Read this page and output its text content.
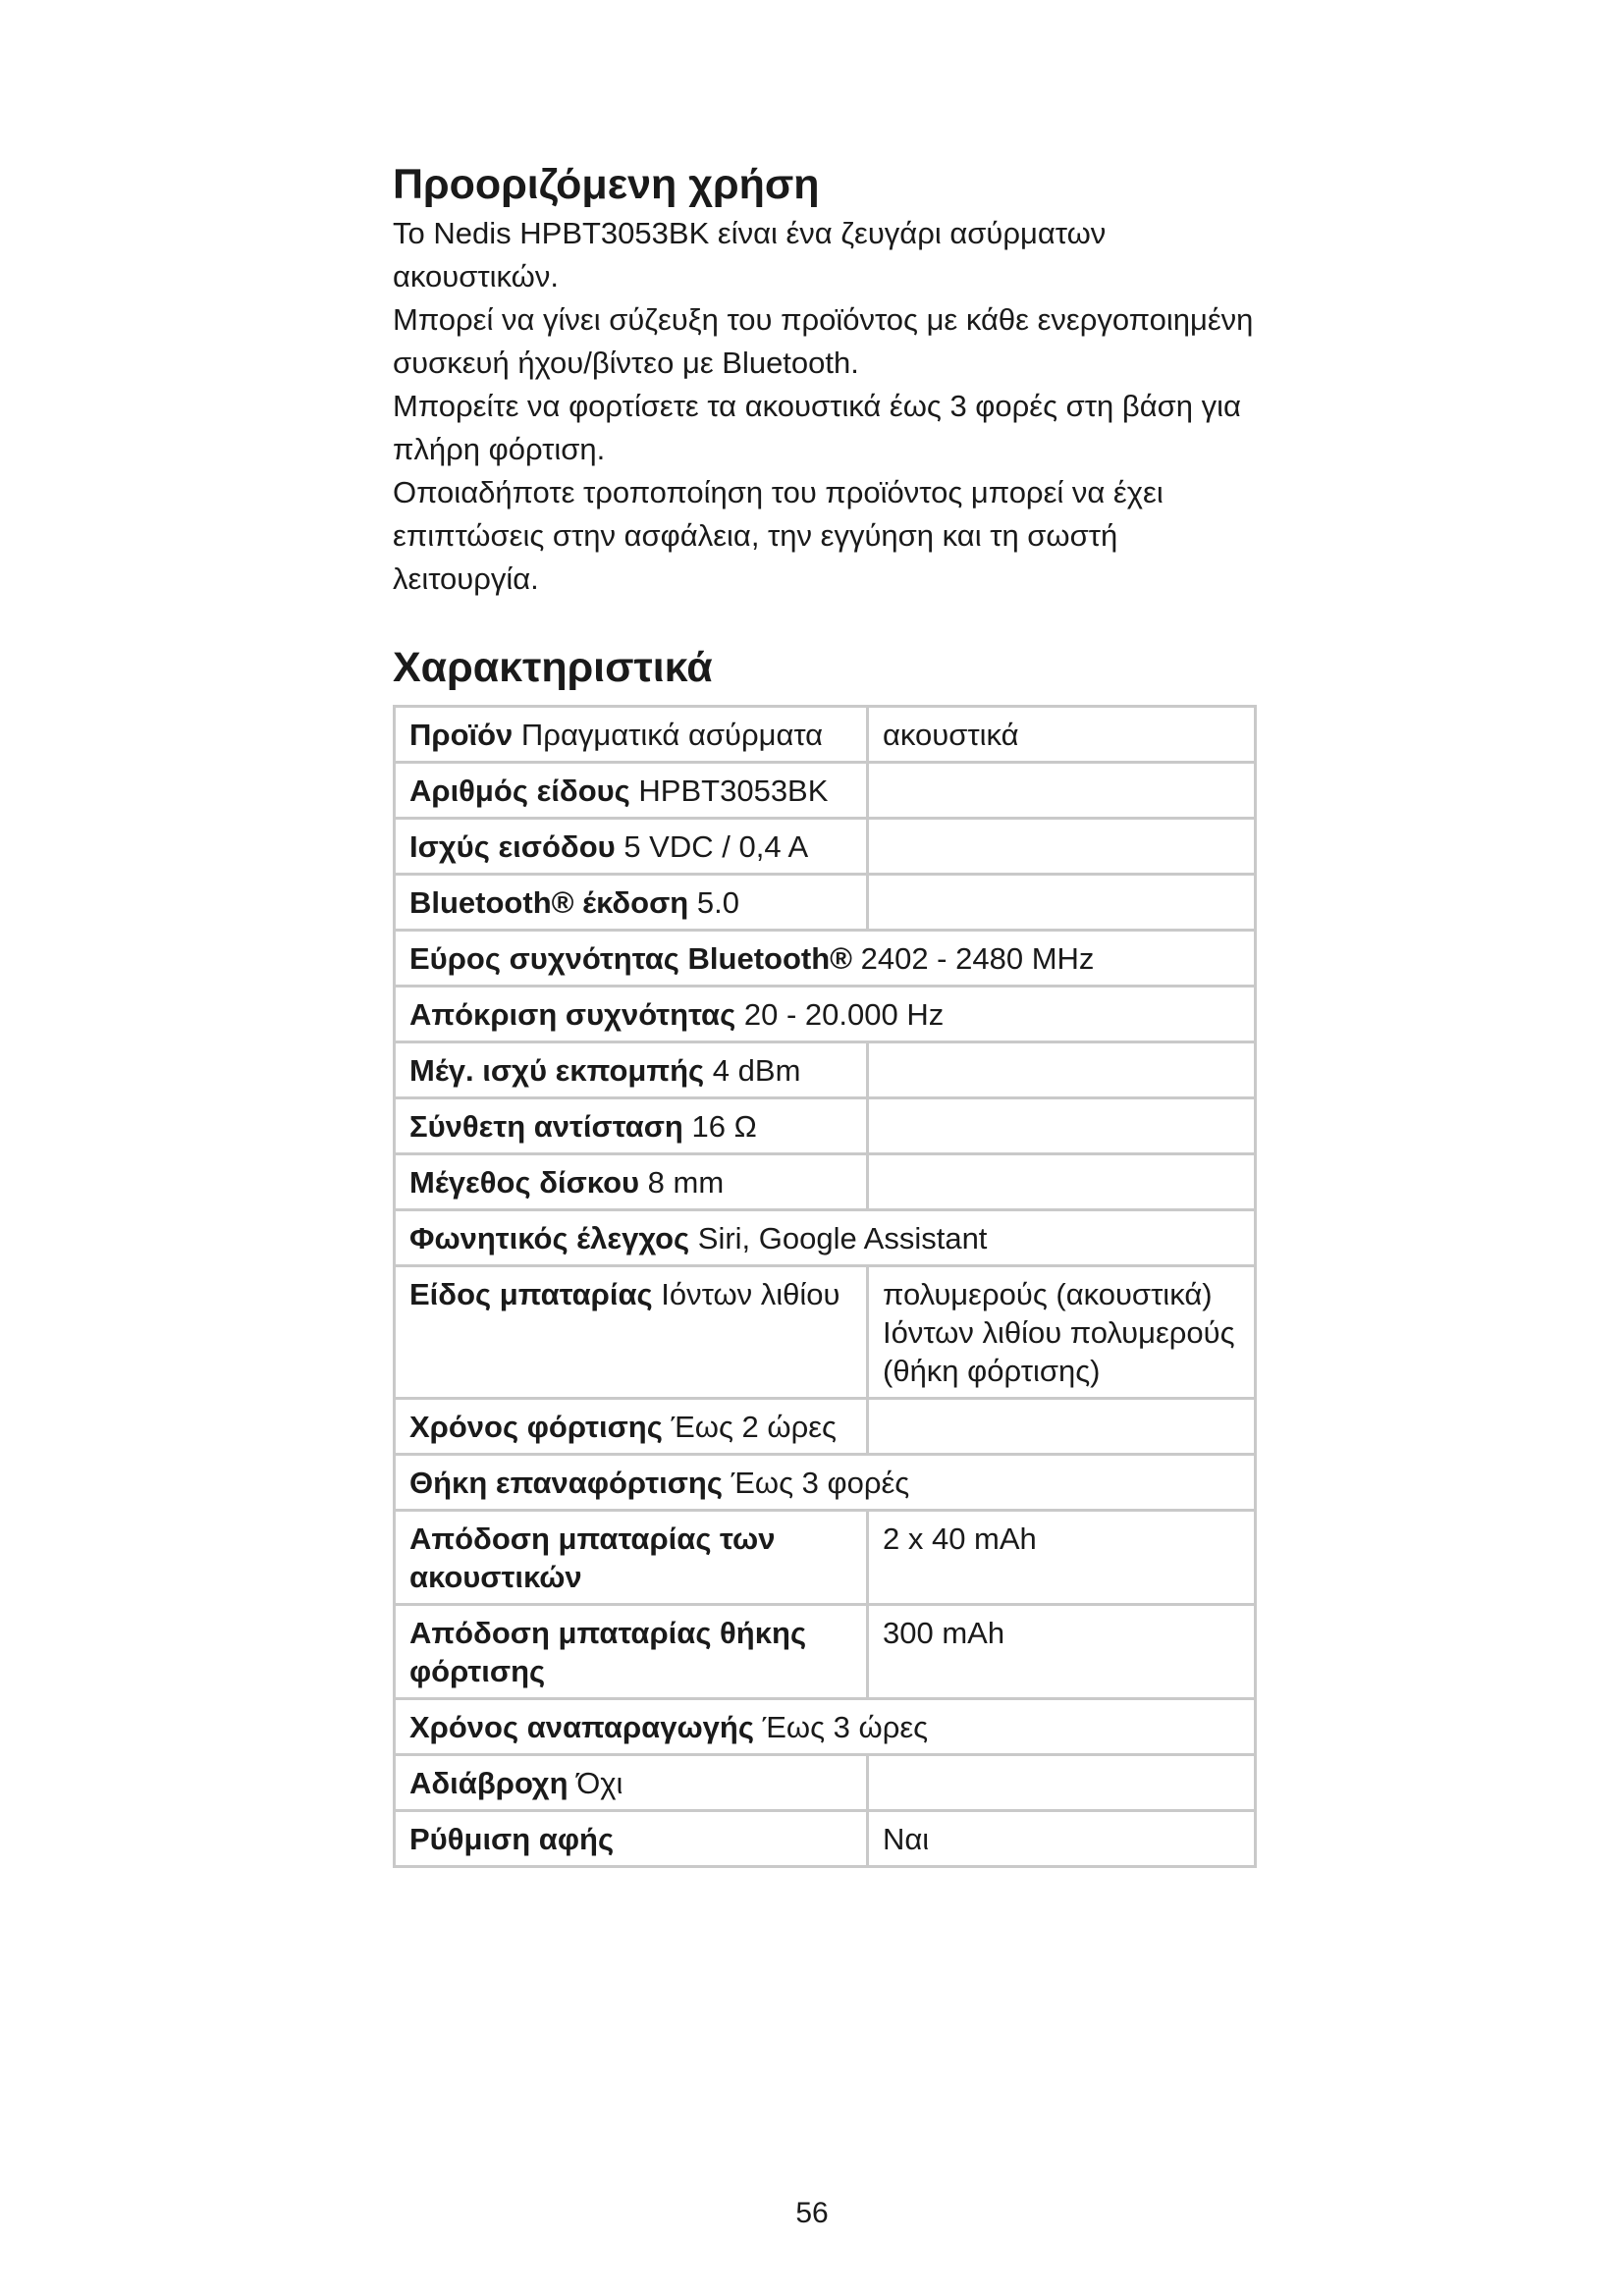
Προοριζόμενη χρήση

Το Nedis HPBT3053BK είναι ένα ζευγάρι ασύρματων ακουστικών.

Μπορεί να γίνει σύζευξη του προϊόντος με κάθε ενεργοποιημένη συσκευή ήχου/βίντεο με Bluetooth.

Μπορείτε να φορτίσετε τα ακουστικά έως 3 φορές στη βάση για πλήρη φόρτιση.

Οποιαδήποτε τροποποίηση του προϊόντος μπορεί να έχει επιπτώσεις στην ασφάλεια, την εγγύηση και τη σωστή λειτουργία.

Χαρακτηριστικά
Προϊόν Πραγματικά ασύρματα	ακουστικά
Αριθμός είδους HPBT3053BK	
Ισχύς εισόδου 5 VDC / 0,4 A	
Bluetooth® έκδοση 5.0	
Εύρος συχνότητας Bluetooth® 2402 - 2480 MHz	
Απόκριση συχνότητας 20 - 20.000 Hz	
Μέγ. ισχύ εκπομπής 4 dBm	
Σύνθετη αντίσταση 16 Ω	
Μέγεθος δίσκου 8 mm	
Φωνητικός έλεγχος Siri, Google Assistant	
Είδος μπαταρίας Ιόντων λιθίου	πολυμερούς (ακουστικά) Ιόντων λιθίου πολυμερούς (θήκη φόρτισης)
Χρόνος φόρτισης Έως 2 ώρες	
Θήκη επαναφόρτισης Έως 3 φορές	
Απόδοση μπαταρίας των ακουστικών	2 x 40 mAh
Απόδοση μπαταρίας θήκης φόρτισης	300 mAh
Χρόνος αναπαραγωγής Έως 3 ώρες	
Αδιάβροχη Όχι	
Ρύθμιση αφής	Ναι
56
